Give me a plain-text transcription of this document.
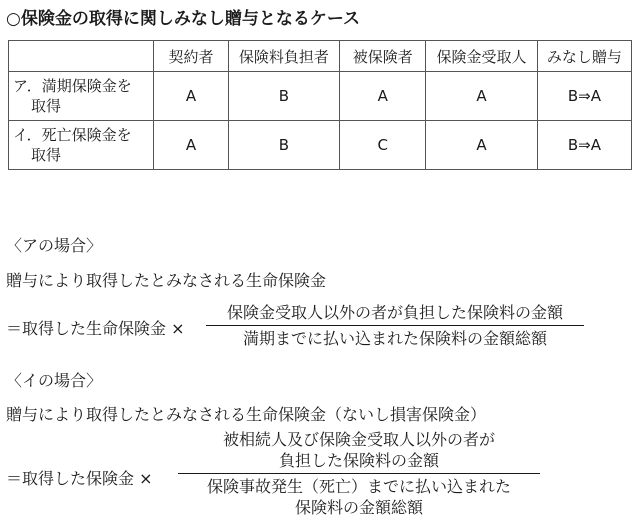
○保険金の取得に関しみなし贈与となるケース
	契約者	保険料負担者	被保険者	保険金受取人	みなし贈与
ア．満期保険金を
取得	A	B	A	A	B⇒A
イ．死亡保険金を
取得	A	B	C	A	B⇒A
〈アの場合〉
贈与により取得したとみなされる生命保険金
＝取得した生命保険金 ×
保険金受取人以外の者が負担した保険料の金額
満期までに払い込まれた保険料の金額総額
〈イの場合〉
贈与により取得したとみなされる生命保険金（ないし損害保険金）
＝取得した保険金 ×
被相続人及び保険金受取人以外の者が
負担した保険料の金額
保険事故発生（死亡）までに払い込まれた
保険料の金額総額
